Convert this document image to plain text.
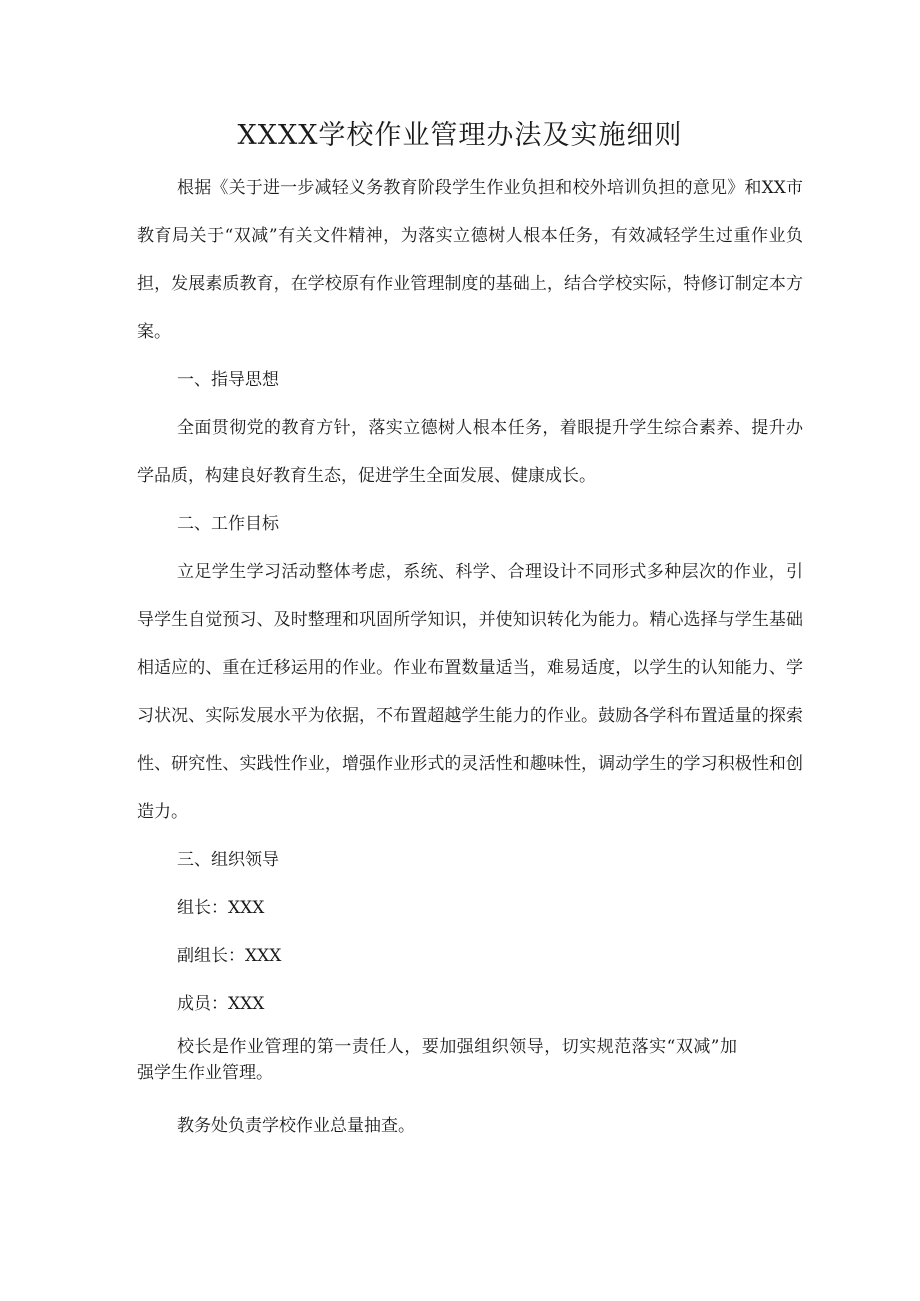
XXXX学校作业管理办法及实施细则

根据《关于进一步减轻义务教育阶段学生作业负担和校外培训负担的意见》和XX市教育局关于“双减”有关文件精神，为落实立德树人根本任务，有效减轻学生过重作业负担，发展素质教育，在学校原有作业管理制度的基础上，结合学校实际，特修订制定本方案。

一、指导思想

全面贯彻党的教育方针，落实立德树人根本任务，着眼提升学生综合素养、提升办学品质，构建良好教育生态，促进学生全面发展、健康成长。

二、工作目标

立足学生学习活动整体考虑，系统、科学、合理设计不同形式多种层次的作业，引导学生自觉预习、及时整理和巩固所学知识，并使知识转化为能力。精心选择与学生基础相适应的、重在迁移运用的作业。作业布置数量适当，难易适度，以学生的认知能力、学习状况、实际发展水平为依据，不布置超越学生能力的作业。鼓励各学科布置适量的探索性、研究性、实践性作业，增强作业形式的灵活性和趣味性，调动学生的学习积极性和创造力。

三、组织领导

组长：XXX

副组长：XXX

成员：XXX

校长是作业管理的第一责任人，要加强组织领导，切实规范落实“双减”加强学生作业管理。

教务处负责学校作业总量抽查。
